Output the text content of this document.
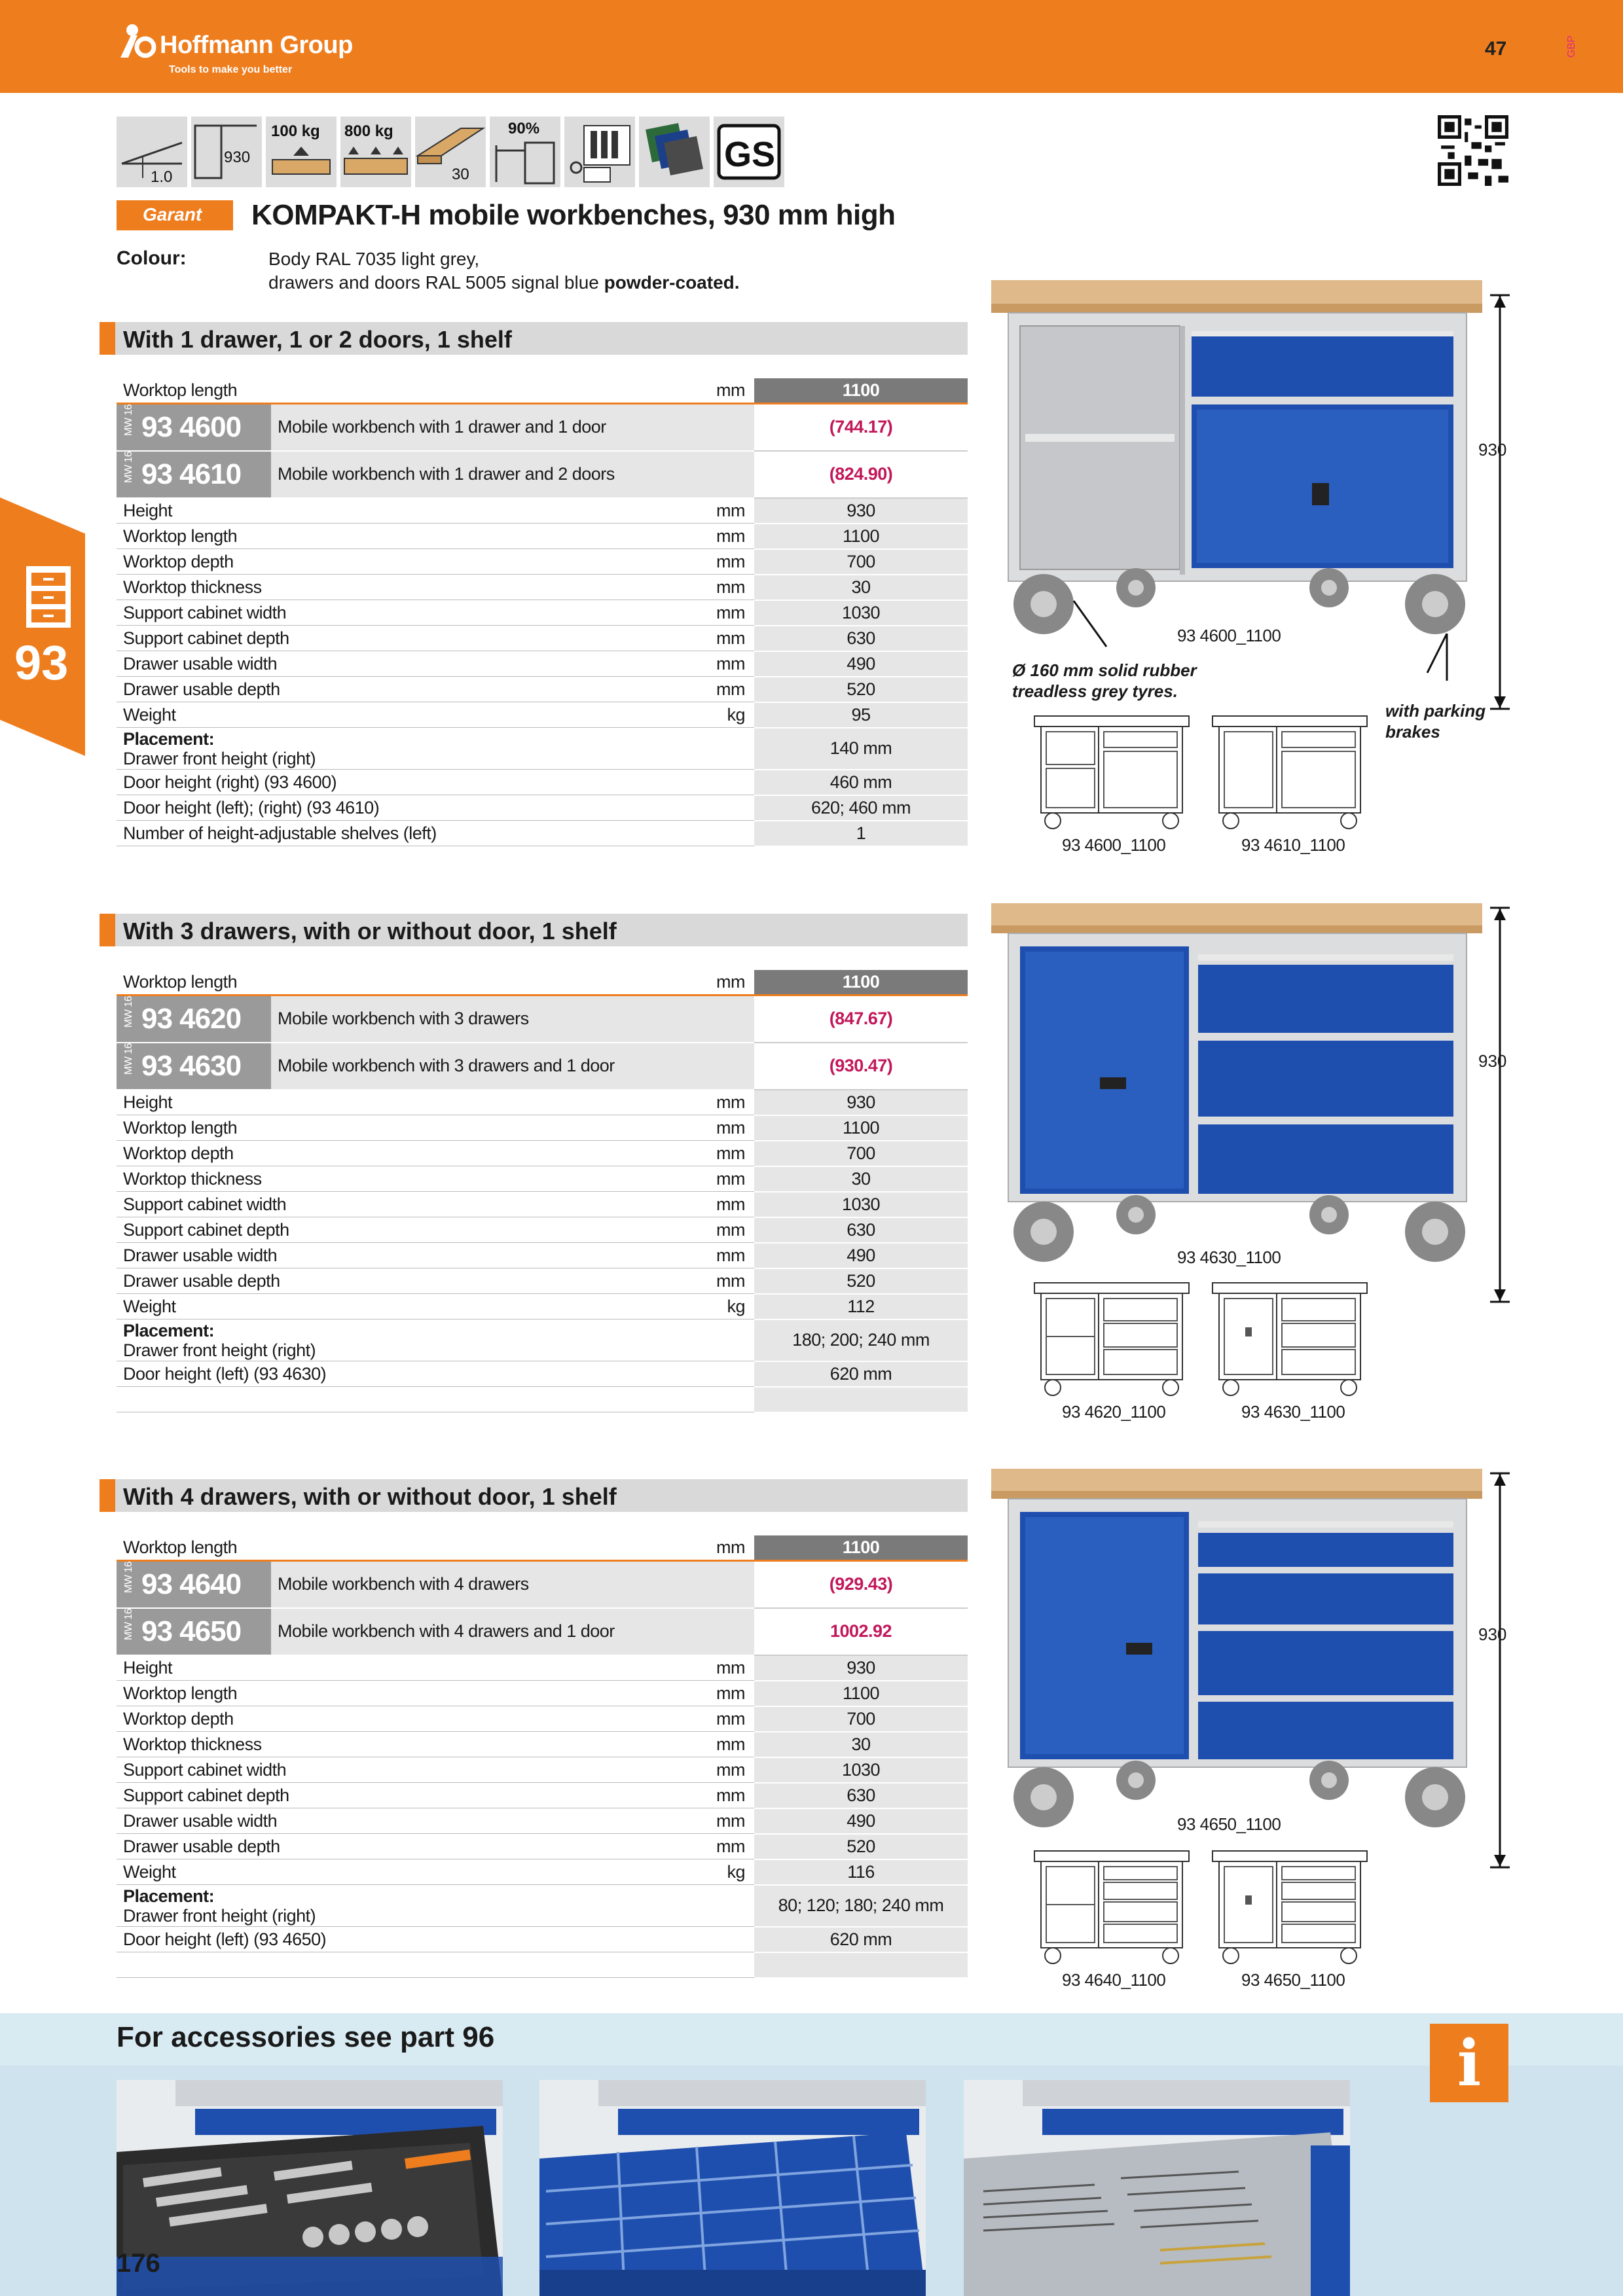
Hoffmann Group
Tools to make you better
47	GBP
93
1.0
930
100 kg 800 kg
30
90%
GS
Garant	KOMPAKT-H mobile workbenches, 930 mm high
Colour:	Body RAL 7035 light grey,
drawers and doors RAL 5005 signal blue powder-coated.
With 1 drawer, 1 or 2 doors, 1 shelf
Worktop length		mm	1100

MW 16 93 4600	Mobile workbench with 1 drawer and 1 door		(744.17)

MW 16 93 4610	Mobile workbench with 1 drawer and 2 doors		(824.90)
Height		mm	930
Worktop length		mm	1100
Worktop depth		mm	700
Worktop thickness		mm	30
Support cabinet width		mm	1030
Support cabinet depth		mm	630
Drawer usable width		mm	490
Drawer usable depth		mm	520
Weight		kg	95

Placement:
Drawer front height (right)			140 mm
Door height (right) (93 4600)			460 mm
Door height (left); (right) (93 4610)			620; 460 mm
Number of height-adjustable shelves (left)			1
930
93 4600_1100
Ø 160 mm solid rubber
treadless grey tyres.
with parking
brakes
93 4600_1100	93 4610_1100
With 3 drawers, with or without door, 1 shelf
Worktop length		mm	1100

MW 16 93 4620	Mobile workbench with 3 drawers		(847.67)

MW 16 93 4630	Mobile workbench with 3 drawers and 1 door		(930.47)
Height		mm	930
Worktop length		mm	1100
Worktop depth		mm	700
Worktop thickness		mm	30
Support cabinet width		mm	1030
Support cabinet depth		mm	630
Drawer usable width		mm	490
Drawer usable depth		mm	520
Weight		kg	112

Placement:
Drawer front height (right)			180; 200; 240 mm
Door height (left) (93 4630)			620 mm

930
93 4630_1100
93 4620_1100	93 4630_1100
With 4 drawers, with or without door, 1 shelf
Worktop length		mm	1100

MW 16 93 4640	Mobile workbench with 4 drawers		(929.43)

MW 16 93 4650	Mobile workbench with 4 drawers and 1 door		1002.92
Height		mm	930
Worktop length		mm	1100
Worktop depth		mm	700
Worktop thickness		mm	30
Support cabinet width		mm	1030
Support cabinet depth		mm	630
Drawer usable width		mm	490
Drawer usable depth		mm	520
Weight		kg	116

Placement:
Drawer front height (right)			80; 120; 180; 240 mm
Door height (left) (93 4650)			620 mm

930
93 4650_1100
93 4640_1100	93 4650_1100
For accessories see part 96	i
176
